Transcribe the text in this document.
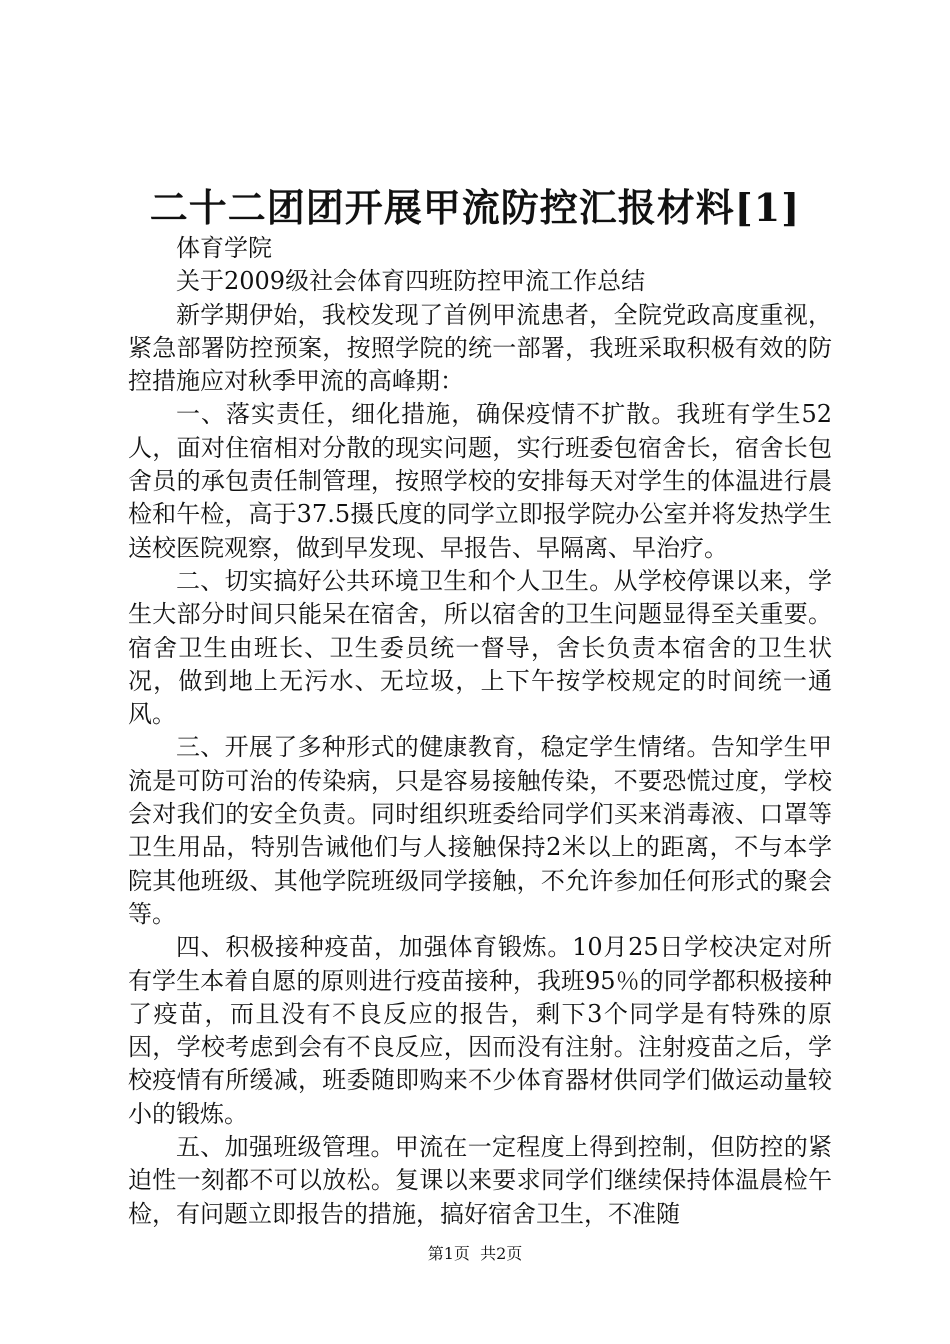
二十二团团开展甲流防控汇报材料[1]

体育学院

关于2009级社会体育四班防控甲流工作总结

新学期伊始，我校发现了首例甲流患者，全院党政高度重视，紧急部署防控预案，按照学院的统一部署，我班采取积极有效的防控措施应对秋季甲流的高峰期：

一、落实责任，细化措施，确保疫情不扩散。我班有学生52人，面对住宿相对分散的现实问题，实行班委包宿舍长，宿舍长包舍员的承包责任制管理，按照学校的安排每天对学生的体温进行晨检和午检，高于37.5摄氏度的同学立即报学院办公室并将发热学生送校医院观察，做到早发现、早报告、早隔离、早治疗。

二、切实搞好公共环境卫生和个人卫生。从学校停课以来，学生大部分时间只能呆在宿舍，所以宿舍的卫生问题显得至关重要。宿舍卫生由班长、卫生委员统一督导，舍长负责本宿舍的卫生状况，做到地上无污水、无垃圾，上下午按学校规定的时间统一通风。

三、开展了多种形式的健康教育，稳定学生情绪。告知学生甲流是可防可治的传染病，只是容易接触传染，不要恐慌过度，学校会对我们的安全负责。同时组织班委给同学们买来消毒液、口罩等卫生用品，特别告诫他们与人接触保持2米以上的距离，不与本学院其他班级、其他学院班级同学接触，不允许参加任何形式的聚会等。

四、积极接种疫苗，加强体育锻炼。10月25日学校决定对所有学生本着自愿的原则进行疫苗接种，我班95％的同学都积极接种了疫苗，而且没有不良反应的报告，剩下3个同学是有特殊的原因，学校考虑到会有不良反应，因而没有注射。注射疫苗之后，学校疫情有所缓减，班委随即购来不少体育器材供同学们做运动量较小的锻炼。

五、加强班级管理。甲流在一定程度上得到控制，但防控的紧迫性一刻都不可以放松。复课以来要求同学们继续保持体温晨检午检，有问题立即报告的措施，搞好宿舍卫生，不准随

第1页 共2页
